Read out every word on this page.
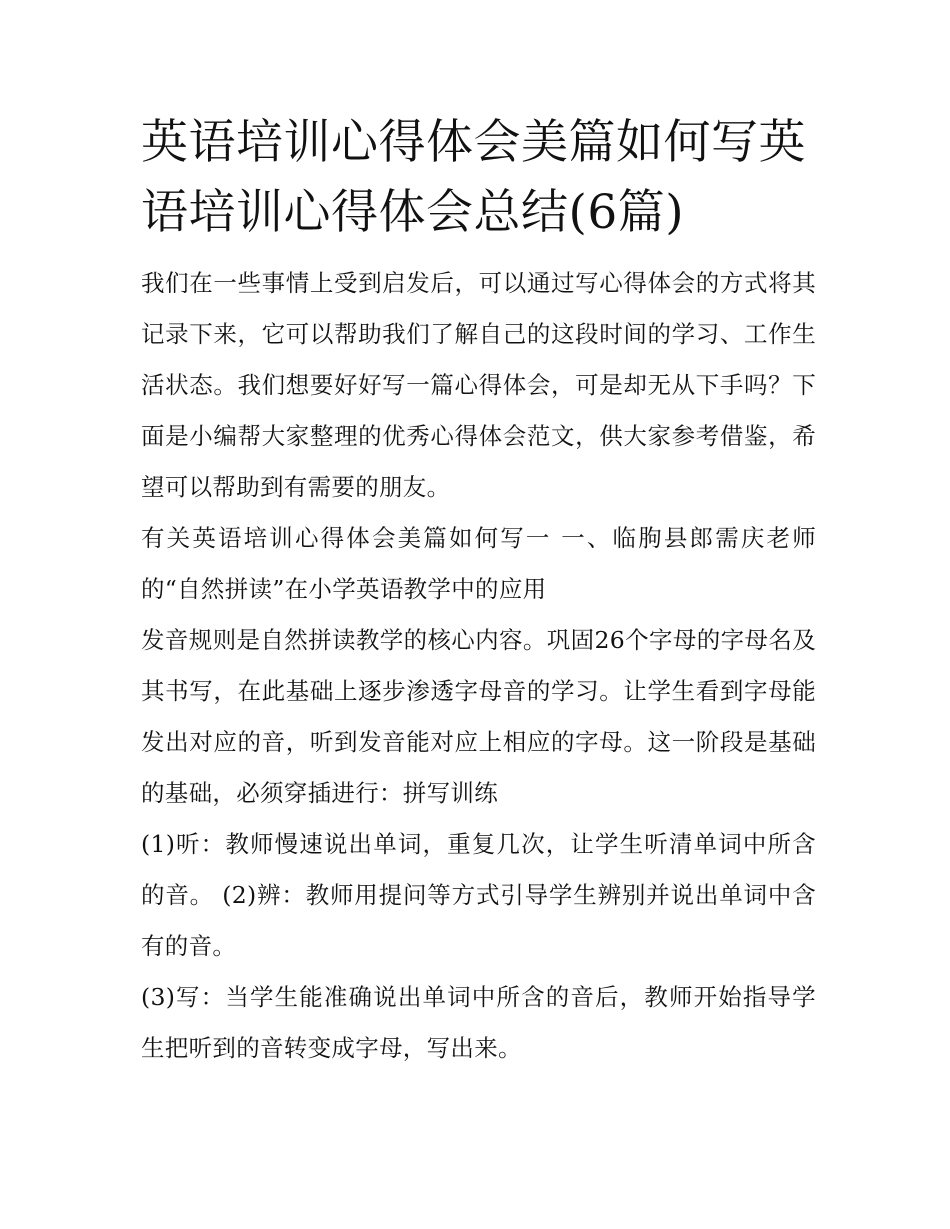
英语培训心得体会美篇如何写英语培训心得体会总结(6篇)

我们在一些事情上受到启发后，可以通过写心得体会的方式将其记录下来，它可以帮助我们了解自己的这段时间的学习、工作生活状态。我们想要好好写一篇心得体会，可是却无从下手吗？下面是小编帮大家整理的优秀心得体会范文，供大家参考借鉴，希望可以帮助到有需要的朋友。

有关英语培训心得体会美篇如何写一 一、临朐县郎需庆老师的“自然拼读”在小学英语教学中的应用

发音规则是自然拼读教学的核心内容。巩固26个字母的字母名及其书写，在此基础上逐步渗透字母音的学习。让学生看到字母能发出对应的音，听到发音能对应上相应的字母。这一阶段是基础的基础，必须穿插进行：拼写训练

(1)听：教师慢速说出单词，重复几次，让学生听清单词中所含的音。 (2)辨：教师用提问等方式引导学生辨别并说出单词中含有的音。

(3)写：当学生能准确说出单词中所含的音后，教师开始指导学生把听到的音转变成字母，写出来。
